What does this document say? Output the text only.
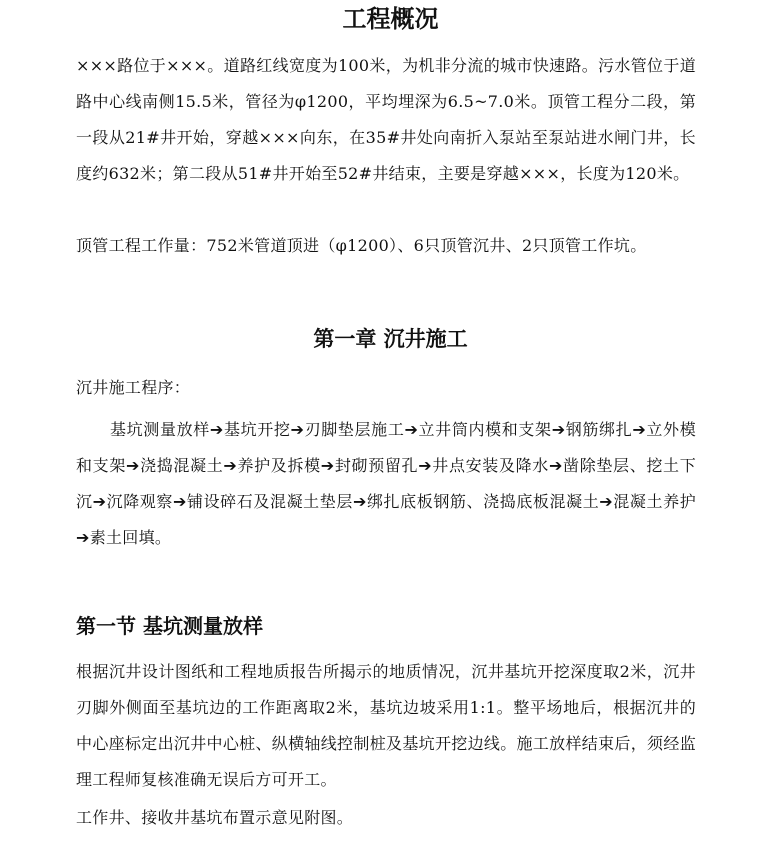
工程概况

×××路位于×××。道路红线宽度为100米，为机非分流的城市快速路。污水管位于道路中心线南侧15.5米，管径为φ1200，平均埋深为6.5~7.0米。顶管工程分二段，第一段从21#井开始，穿越×××向东，在35#井处向南折入泵站至泵站进水闸门井，长度约632米；第二段从51#井开始至52#井结束，主要是穿越×××，长度为120米。

顶管工程工作量：752米管道顶进（φ1200）、6只顶管沉井、2只顶管工作坑。

第一章 沉井施工

沉井施工程序：

基坑测量放样➔基坑开挖➔刃脚垫层施工➔立井筒内模和支架➔钢筋绑扎➔立外模和支架➔浇捣混凝土➔养护及拆模➔封砌预留孔➔井点安装及降水➔凿除垫层、挖土下沉➔沉降观察➔铺设碎石及混凝土垫层➔绑扎底板钢筋、浇捣底板混凝土➔混凝土养护➔素土回填。

第一节 基坑测量放样

根据沉井设计图纸和工程地质报告所揭示的地质情况，沉井基坑开挖深度取2米，沉井刃脚外侧面至基坑边的工作距离取2米，基坑边坡采用1:1。整平场地后，根据沉井的中心座标定出沉井中心桩、纵横轴线控制桩及基坑开挖边线。施工放样结束后，须经监理工程师复核准确无误后方可开工。

工作井、接收井基坑布置示意见附图。
